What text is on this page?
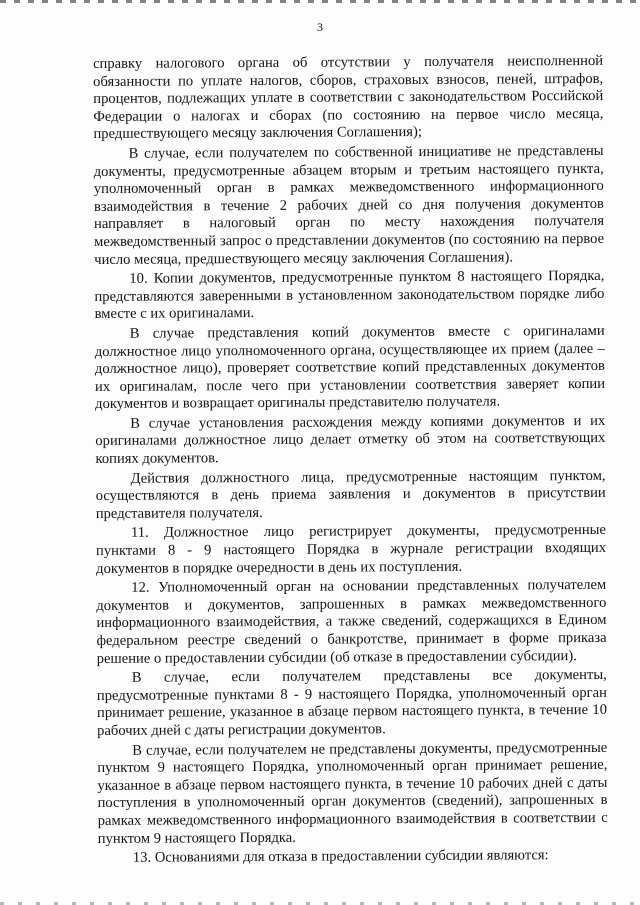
3

справку налогового органа об отсутствии у получателя неисполненной обязанности по уплате налогов, сборов, страховых взносов, пеней, штрафов, процентов, подлежащих уплате в соответствии с законодательством Российской Федерации о налогах и сборах (по состоянию на первое число месяца, предшествующего месяцу заключения Соглашения);

В случае, если получателем по собственной инициативе не представлены документы, предусмотренные абзацем вторым и третьим настоящего пункта, уполномоченный орган в рамках межведомственного информационного взаимодействия в течение 2 рабочих дней со дня получения документов направляет в налоговый орган по месту нахождения получателя межведомственный запрос о представлении документов (по состоянию на первое число месяца, предшествующего месяцу заключения Соглашения).

10. Копии документов, предусмотренные пунктом 8 настоящего Порядка, представляются заверенными в установленном законодательством порядке либо вместе с их оригиналами.

В случае представления копий документов вместе с оригиналами должностное лицо уполномоченного органа, осуществляющее их прием (далее – должностное лицо), проверяет соответствие копий представленных документов их оригиналам, после чего при установлении соответствия заверяет копии документов и возвращает оригиналы представителю получателя.

В случае установления расхождения между копиями документов и их оригиналами должностное лицо делает отметку об этом на соответствующих копиях документов.

Действия должностного лица, предусмотренные настоящим пунктом, осуществляются в день приема заявления и документов в присутствии представителя получателя.

11. Должностное лицо регистрирует документы, предусмотренные пунктами 8 - 9 настоящего Порядка в журнале регистрации входящих документов в порядке очередности в день их поступления.

12. Уполномоченный орган на основании представленных получателем документов и документов, запрошенных в рамках межведомственного информационного взаимодействия, а также сведений, содержащихся в Едином федеральном реестре сведений о банкротстве, принимает в форме приказа решение о предоставлении субсидии (об отказе в предоставлении субсидии).

В случае, если получателем представлены все документы, предусмотренные пунктами 8 - 9 настоящего Порядка, уполномоченный орган принимает решение, указанное в абзаце первом настоящего пункта, в течение 10 рабочих дней с даты регистрации документов.

В случае, если получателем не представлены документы, предусмотренные пунктом 9 настоящего Порядка, уполномоченный орган принимает решение, указанное в абзаце первом настоящего пункта, в течение 10 рабочих дней с даты поступления в уполномоченный орган документов (сведений), запрошенных в рамках межведомственного информационного взаимодействия в соответствии с пунктом 9 настоящего Порядка.

13. Основаниями для отказа в предоставлении субсидии являются:
